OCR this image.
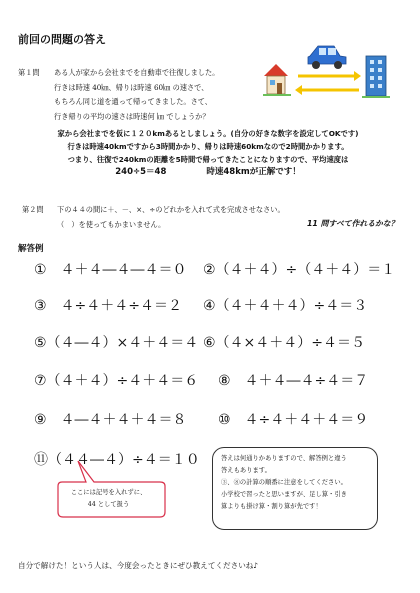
前回の問題の答え
第１問 ある人が家から会社までを自動車で往復しました。
行きは時速 40㎞、帰りは時速 60㎞ の速さで、
もちろん同じ道を通って帰ってきました。さて、
行き帰りの平均の速さは時速何 ㎞ でしょうか？
家から会社までを仮に１２０kmあるとしましょう。(自分の好きな数字を設定してOKです)
行きは時速40kmですから3時間かかり、帰りは時速60kmなので2時間かかります。
つまり、往復で240kmの距離を5時間で帰ってきたことになりますので、平均速度は
240÷5＝48	時速48kmが正解です！
第２問 下の４４の間に＋、－、×、÷のどれかを入れて式を完成させなさい。
（　）を使ってもかまいません。	11 問すべて作れるかな？
解答例
①　４＋４―４―４＝０ ②（４＋４）÷（４＋４）＝１
③　４÷４＋４÷４＝２ ④（４＋４＋４）÷４＝３
⑤（４―４）×４＋４＝４ ⑥（４×４＋４）÷４＝５
⑦（４＋４）÷４＋４＝６ ⑧　４＋４―４÷４＝７
⑨　４―４＋４＋４＝８ ⑩　４÷４＋４＋４＝９
⑪（４４―４）÷４＝１０
ここには記号を入れずに、
44 として扱う
答えは何通りかありますので、解答例と違う
答えもあります。
③、⑧の計算の順番に注意をしてください。
小学校で習ったと思いますが、足し算・引き
算よりも掛け算・割り算が先です！
自分で解けた！という人は、今度会ったときにぜひ教えてくださいね♪
